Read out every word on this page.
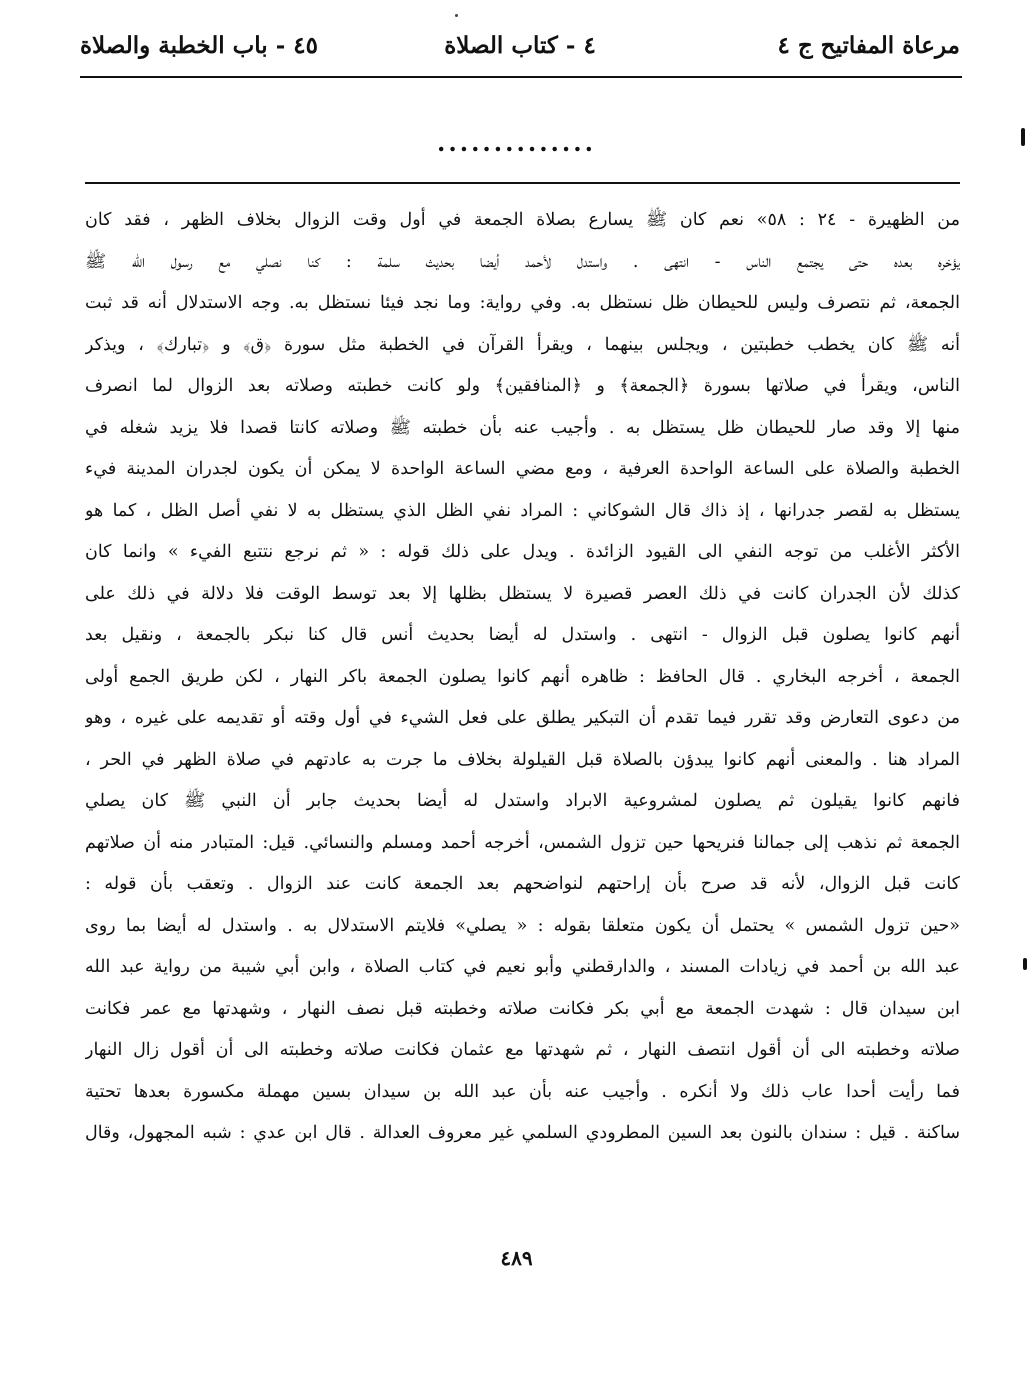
مرعاة المفاتيح ج ٤
٤ - كتاب الصلاة
٤٥ - باب الخطبة والصلاة
..............
من الظهيرة - ٢٤ : ٥٨» نعم كان ﷺ يسارع بصلاة الجمعة في أول وقت الزوال بخلاف الظهر ، فقد كان
يؤخره بعده حتى يجتمع الناس - انتهى . واستدل لأحمد أيضا بحديث سلمة : كنا نصلي مع رسول الله ﷺ
الجمعة، ثم نتصرف وليس للحيطان ظل نستظل به. وفي رواية: وما نجد فيئا نستظل به. وجه الاستدلال أنه قد ثبت
أنه ﷺ كان يخطب خطبتين ، ويجلس بينهما ، ويقرأ القرآن في الخطبة مثل سورة ﴿ق﴾ و ﴿تبارك﴾ ، ويذكر
الناس، ويقرأ في صلاتها بسورة ﴿الجمعة﴾ و ﴿المنافقين﴾ ولو كانت خطبته وصلاته بعد الزوال لما انصرف
منها إلا وقد صار للحيطان ظل يستظل به . وأجيب عنه بأن خطبته ﷺ وصلاته كانتا قصدا فلا يزيد شغله في
الخطبة والصلاة على الساعة الواحدة العرفية ، ومع مضي الساعة الواحدة لا يمكن أن يكون لجدران المدينة فيء
يستظل به لقصر جدرانها ، إذ ذاك قال الشوكاني : المراد نفي الظل الذي يستظل به لا نفي أصل الظل ، كما هو
الأكثر الأغلب من توجه النفي الى القيود الزائدة . ويدل على ذلك قوله : « ثم نرجع نتتبع الفيء » وانما كان
كذلك لأن الجدران كانت في ذلك العصر قصيرة لا يستظل بظلها إلا بعد توسط الوقت فلا دلالة في ذلك على
أنهم كانوا يصلون قبل الزوال - انتهى . واستدل له أيضا بحديث أنس قال كنا نبكر بالجمعة ، ونقيل بعد
الجمعة ، أخرجه البخاري . قال الحافظ : ظاهره أنهم كانوا يصلون الجمعة باكر النهار ، لكن طريق الجمع أولى
من دعوى التعارض وقد تقرر فيما تقدم أن التبكير يطلق على فعل الشيء في أول وقته أو تقديمه على غيره ، وهو
المراد هنا . والمعنى أنهم كانوا يبدؤن بالصلاة قبل القيلولة بخلاف ما جرت به عادتهم في صلاة الظهر في الحر ،
فانهم كانوا يقيلون ثم يصلون لمشروعية الابراد واستدل له أيضا بحديث جابر أن النبي ﷺ كان يصلي
الجمعة ثم نذهب إلى جمالنا فنريحها حين تزول الشمس، أخرجه أحمد ومسلم والنسائي. قيل: المتبادر منه أن صلاتهم
كانت قبل الزوال، لأنه قد صرح بأن إراحتهم لنواضحهم بعد الجمعة كانت عند الزوال . وتعقب بأن قوله :
«حين تزول الشمس » يحتمل أن يكون متعلقا بقوله : « يصلي» فلايتم الاستدلال به . واستدل له أيضا بما روى
عبد الله بن أحمد في زيادات المسند ، والدارقطني وأبو نعيم في كتاب الصلاة ، وابن أبي شيبة من رواية عبد الله
ابن سيدان قال : شهدت الجمعة مع أبي بكر فكانت صلاته وخطبته قبل نصف النهار ، وشهدتها مع عمر فكانت
صلاته وخطبته الى أن أقول انتصف النهار ، ثم شهدتها مع عثمان فكانت صلاته وخطبته الى أن أقول زال النهار
فما رأيت أحدا عاب ذلك ولا أنكره . وأجيب عنه بأن عبد الله بن سيدان بسين مهملة مكسورة بعدها تحتية
ساكنة . قيل : سندان بالنون بعد السين المطرودي السلمي غير معروف العدالة . قال ابن عدي : شبه المجهول، وقال
٤٨٩
